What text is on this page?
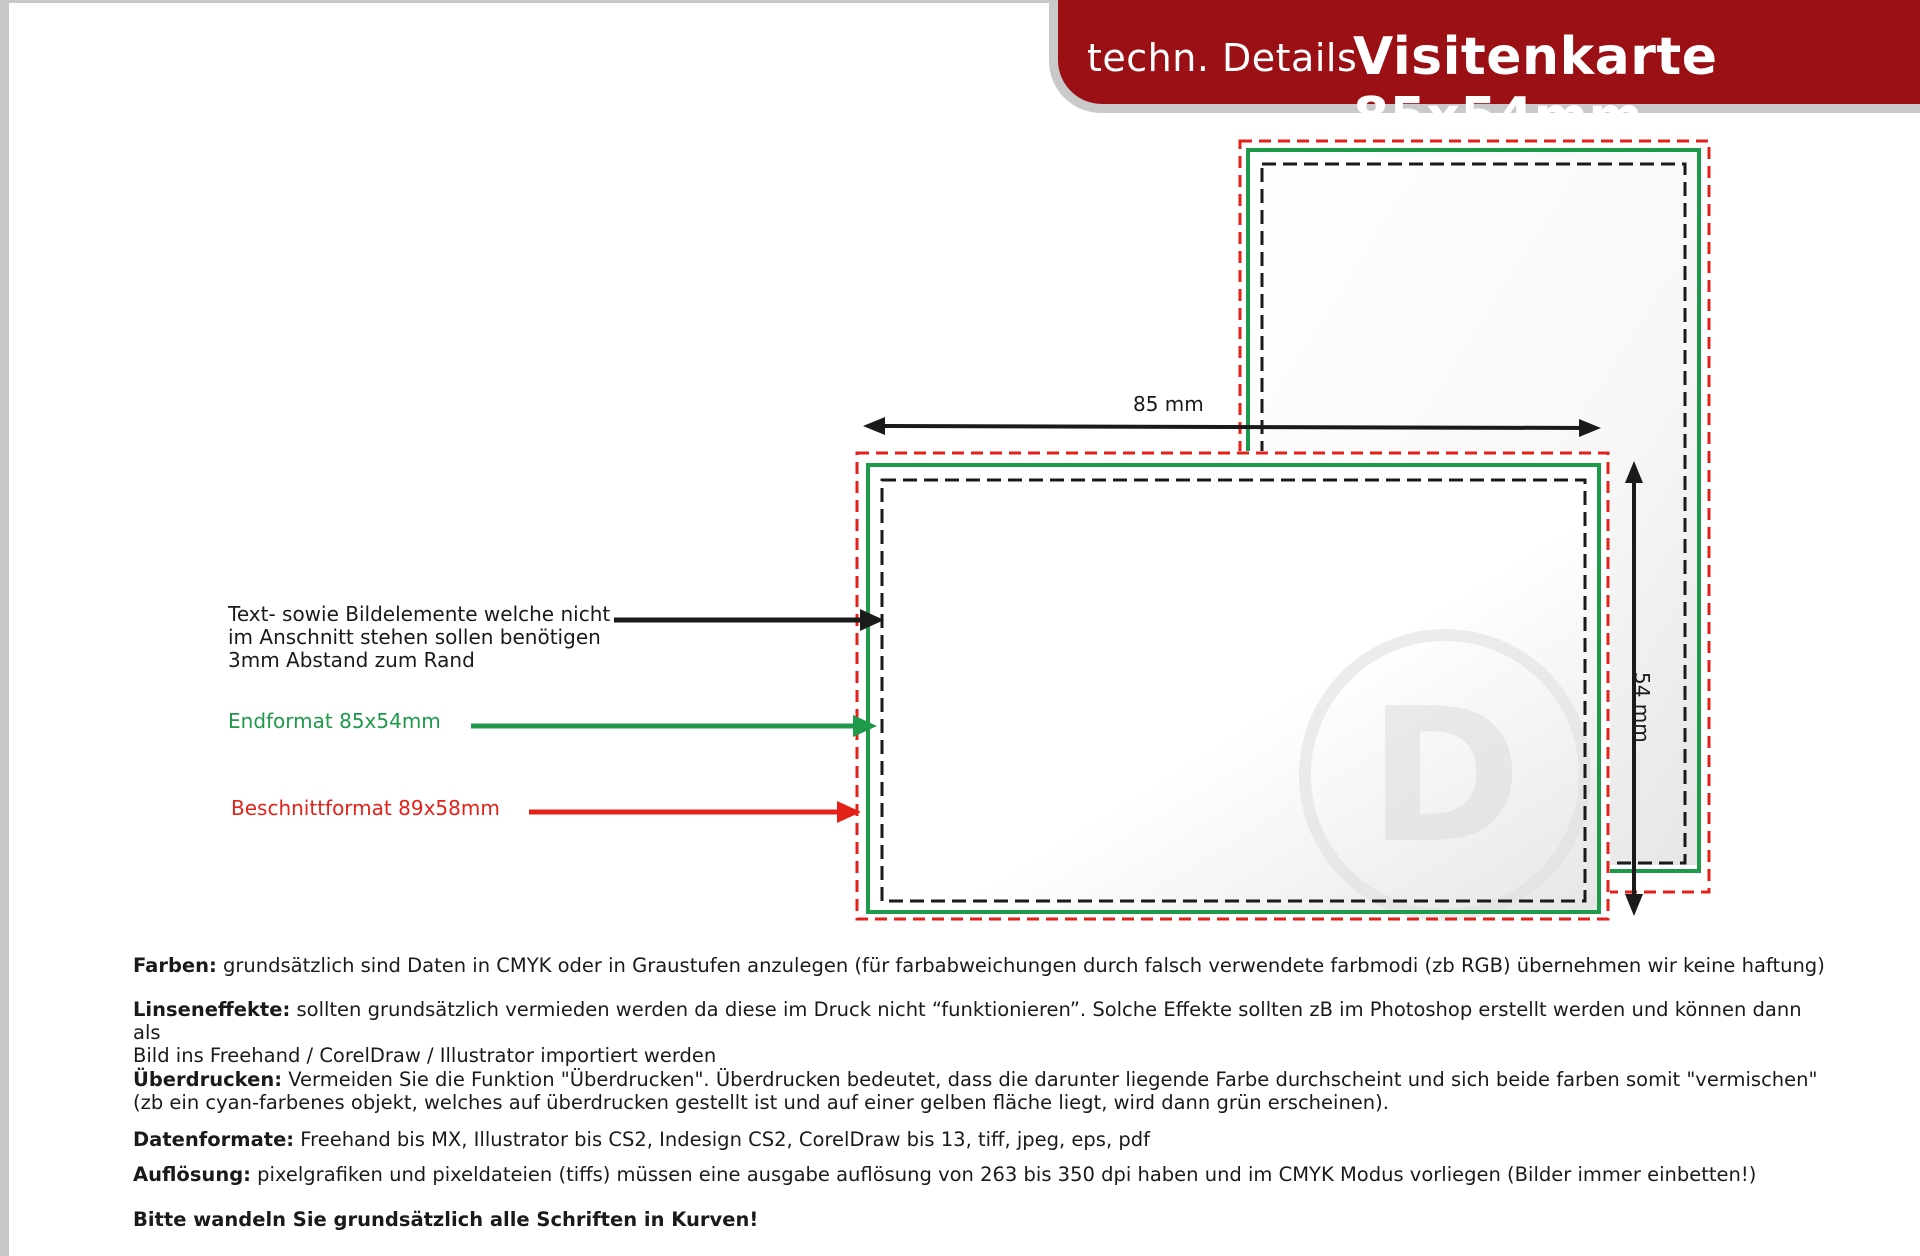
techn. Details
Visitenkarte 85x54mm
D
85 mm
54 mm
Text- sowie Bildelemente welche nicht
im Anschnitt stehen sollen benötigen
3mm Abstand zum Rand
Endformat 85x54mm
Beschnittformat 89x58mm

Farben: grundsätzlich sind Daten in CMYK oder in Graustufen anzulegen (für farbabweichungen durch falsch verwendete farbmodi (zb RGB) übernehmen wir keine haftung)

Linseneffekte: sollten grundsätzlich vermieden werden da diese im Druck nicht “funktionieren”. Solche Effekte sollten zB im Photoshop erstellt werden und können dann als
Bild ins Freehand / CorelDraw / Illustrator importiert werden

Überdrucken: Vermeiden Sie die Funktion "Überdrucken". Überdrucken bedeutet, dass die darunter liegende Farbe durchscheint und sich beide farben somit "vermischen"
(zb ein cyan-farbenes objekt, welches auf überdrucken gestellt ist und auf einer gelben fläche liegt, wird dann grün erscheinen).

Datenformate: Freehand bis MX, Illustrator bis CS2, Indesign CS2, CorelDraw bis 13, tiff, jpeg, eps, pdf

Auflösung: pixelgrafiken und pixeldateien (tiffs) müssen eine ausgabe auflösung von 263 bis 350 dpi haben und im CMYK Modus vorliegen (Bilder immer einbetten!)

Bitte wandeln Sie grundsätzlich alle Schriften in Kurven!
